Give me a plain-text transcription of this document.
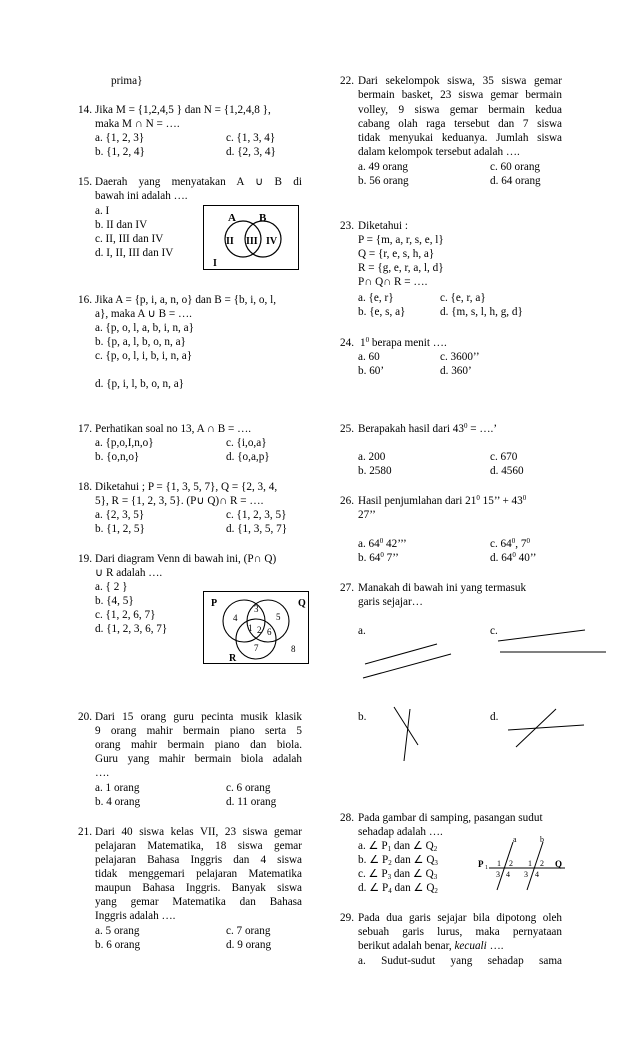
prima}
14. Jika M = {1,2,4,5 } dan N = {1,2,4,8 },
maka M ∩ N = ….
a. {1, 2, 3}
b. {1, 2, 4}
c. {1, 3, 4}
d. {2, 3, 4}
15. Daerah yang menyatakan A ∪ B di
bawah ini adalah ….
a. I
b. II dan IV
c. II, III dan IV
d. I, II, III dan IV
A B
II III IV
I
16. Jika A = {p, i, a, n, o} dan B = {b, i, o, l,
a}, maka A ∪ B = ….
a. {p, o, l, a, b, i, n, a}
b. {p, a, l, b, o, n, a}
c. {p, o, l, i, b, i, n, a}
d. {p, i, l, b, o, n, a}
17. Perhatikan soal no 13, A ∩ B = ….
a. {p,o,I,n,o}
b. {o,n,o}
c. {i,o,a}
d. {o,a,p}
18. Diketahui ; P = {1, 3, 5, 7}, Q = {2, 3, 4,
5}, R = {1, 2, 3, 5}. (P∪ Q)∩ R = ….
a. {2, 3, 5}
b. {1, 2, 5}
c. {1, 2, 3, 5}
d. {1, 3, 5, 7}
19. Dari diagram Venn di bawah ini, (P∩ Q)
∪ R adalah ….
a. { 2 }
b. {4, 5}
c. {1, 2, 6, 7}
d. {1, 2, 3, 6, 7}
P	Q
R
3
4	5
1 2 6
7	8
20. Dari 15 orang guru pecinta musik klasik
9 orang mahir bermain piano serta 5
orang mahir bermain piano dan biola.
Guru yang mahir bermain biola adalah
….
a. 1 orang
b. 4 orang
c. 6 orang
d. 11 orang
21. Dari 40 siswa kelas VII, 23 siswa gemar
pelajaran Matematika, 18 siswa gemar
pelajaran Bahasa Inggris dan 4 siswa
tidak menggemari pelajaran Matematika
maupun Bahasa Inggris. Banyak siswa
yang gemar Matematika dan Bahasa
Inggris adalah ….
a. 5 orang
b. 6 orang
c. 7 orang
d. 9 orang
22. Dari sekelompok siswa, 35 siswa gemar
bermain basket, 23 siswa gemar bermain
volley, 9 siswa gemar bermain kedua
cabang olah raga tersebut dan 7 siswa
tidak menyukai keduanya. Jumlah siswa
dalam kelompok tersebut adalah ….
a. 49 orang
b. 56 orang
c. 60 orang
d. 64 orang
23. Diketahui :
P = {m, a, r, s, e, l}
Q = {r, e, s, h, a}
R = {g, e, r, a, l, d}
P∩ Q∩ R = ….
a. {e, r}
b. {e, s, a}
c. {e, r, a}
d. {m, s, l, h, g, d}
24. $1^0$ berapa menit ….
a. 60
b. 60’
c. 3600’’
d. 360’
25. Berapakah hasil dari $43^0$ = ….’
a. 200
b. 2580
c. 670
d. 4560
26. Hasil penjumlahan dari $21^0$ 15’’ + $43^0$
27’’
a. $64^0$ 42’’’
b. $64^0$ 7’’
c. $64^0$, $7^0$
d. $64^0$ 40’’
27. Manakah di bawah ini yang termasuk
garis sejajar…
a.	c.
b.	d.
28. Pada gambar di samping, pasangan sudut
sehadap adalah ….
a. ∠ $P_1$ dan ∠ $Q_2$
b. ∠ $P_2$ dan ∠ $Q_3$
c. ∠ $P_3$ dan ∠ $Q_3$
d. ∠ $P_4$ dan ∠ $Q_2$
a	b
P 1	Q
1 2
3 4
1 2
3 4
29. Pada dua garis sejajar bila dipotong oleh
sebuah garis lurus, maka pernyataan
berikut adalah benar, kecuali ….
a. Sudut-sudut yang sehadap sama
